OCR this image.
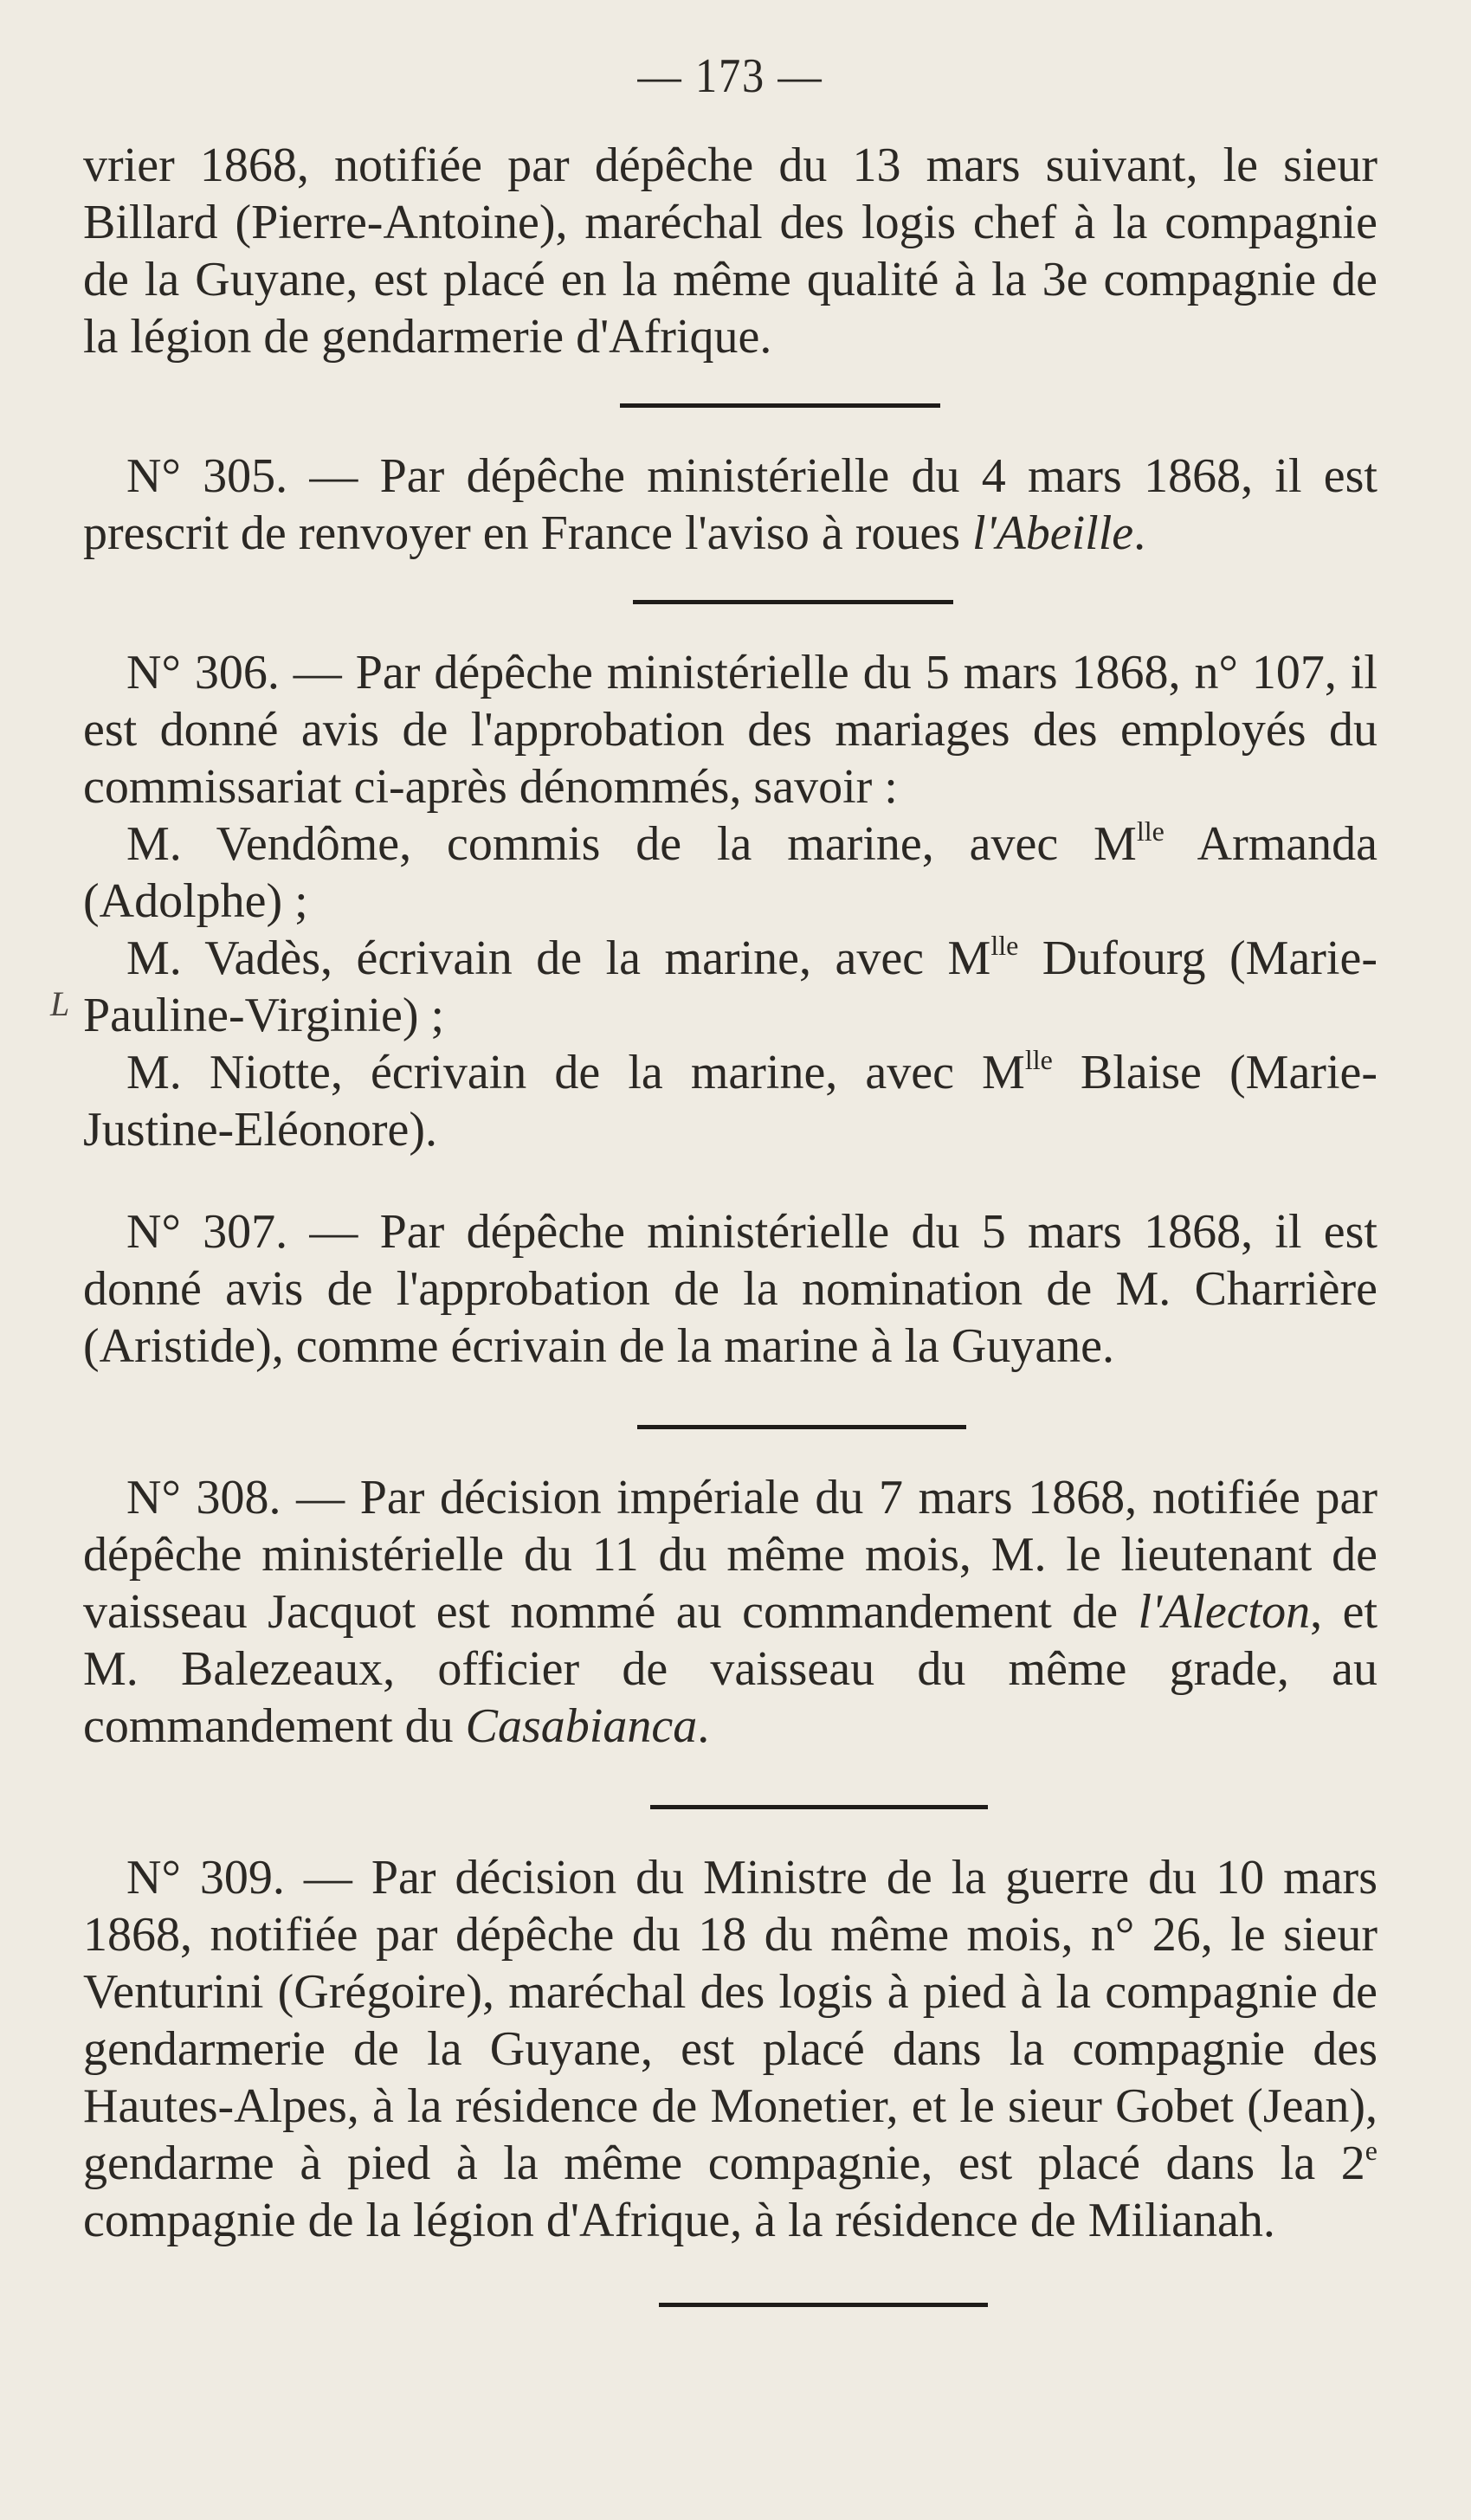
— 173 —

vrier 1868, notifiée par dépêche du 13 mars suivant, le sieur Billard (Pierre-Antoine), maréchal des logis chef à la compagnie de la Guyane, est placé en la même qualité à la 3e compagnie de la légion de gendarmerie d'Afrique.

N° 305. — Par dépêche ministérielle du 4 mars 1868, il est prescrit de renvoyer en France l'aviso à roues l'Abeille.

N° 306. — Par dépêche ministérielle du 5 mars 1868, n° 107, il est donné avis de l'approbation des mariages des employés du commissariat ci-après dénommés, savoir :

M. Vendôme, commis de la marine, avec $M^{lle}$ Armanda (Adolphe) ;

M. Vadès, écrivain de la marine, avec $M^{lle}$ Dufourg (Marie-Pauline-Virginie) ;

M. Niotte, écrivain de la marine, avec $M^{lle}$ Blaise (Marie-Justine-Eléonore).

N° 307. — Par dépêche ministérielle du 5 mars 1868, il est donné avis de l'approbation de la nomination de M. Charrière (Aristide), comme écrivain de la marine à la Guyane.

N° 308. — Par décision impériale du 7 mars 1868, notifiée par dépêche ministérielle du 11 du même mois, M. le lieutenant de vaisseau Jacquot est nommé au commandement de l'Alecton, et M. Balezeaux, officier de vaisseau du même grade, au commandement du Casabianca.

N° 309. — Par décision du Ministre de la guerre du 10 mars 1868, notifiée par dépêche du 18 du même mois, n° 26, le sieur Venturini (Grégoire), maréchal des logis à pied à la compagnie de gendarmerie de la Guyane, est placé dans la compagnie des Hautes-Alpes, à la résidence de Monetier, et le sieur Gobet (Jean), gendarme à pied à la même compagnie, est placé dans la 2e compagnie de la légion d'Afrique, à la résidence de Milianah.

L
